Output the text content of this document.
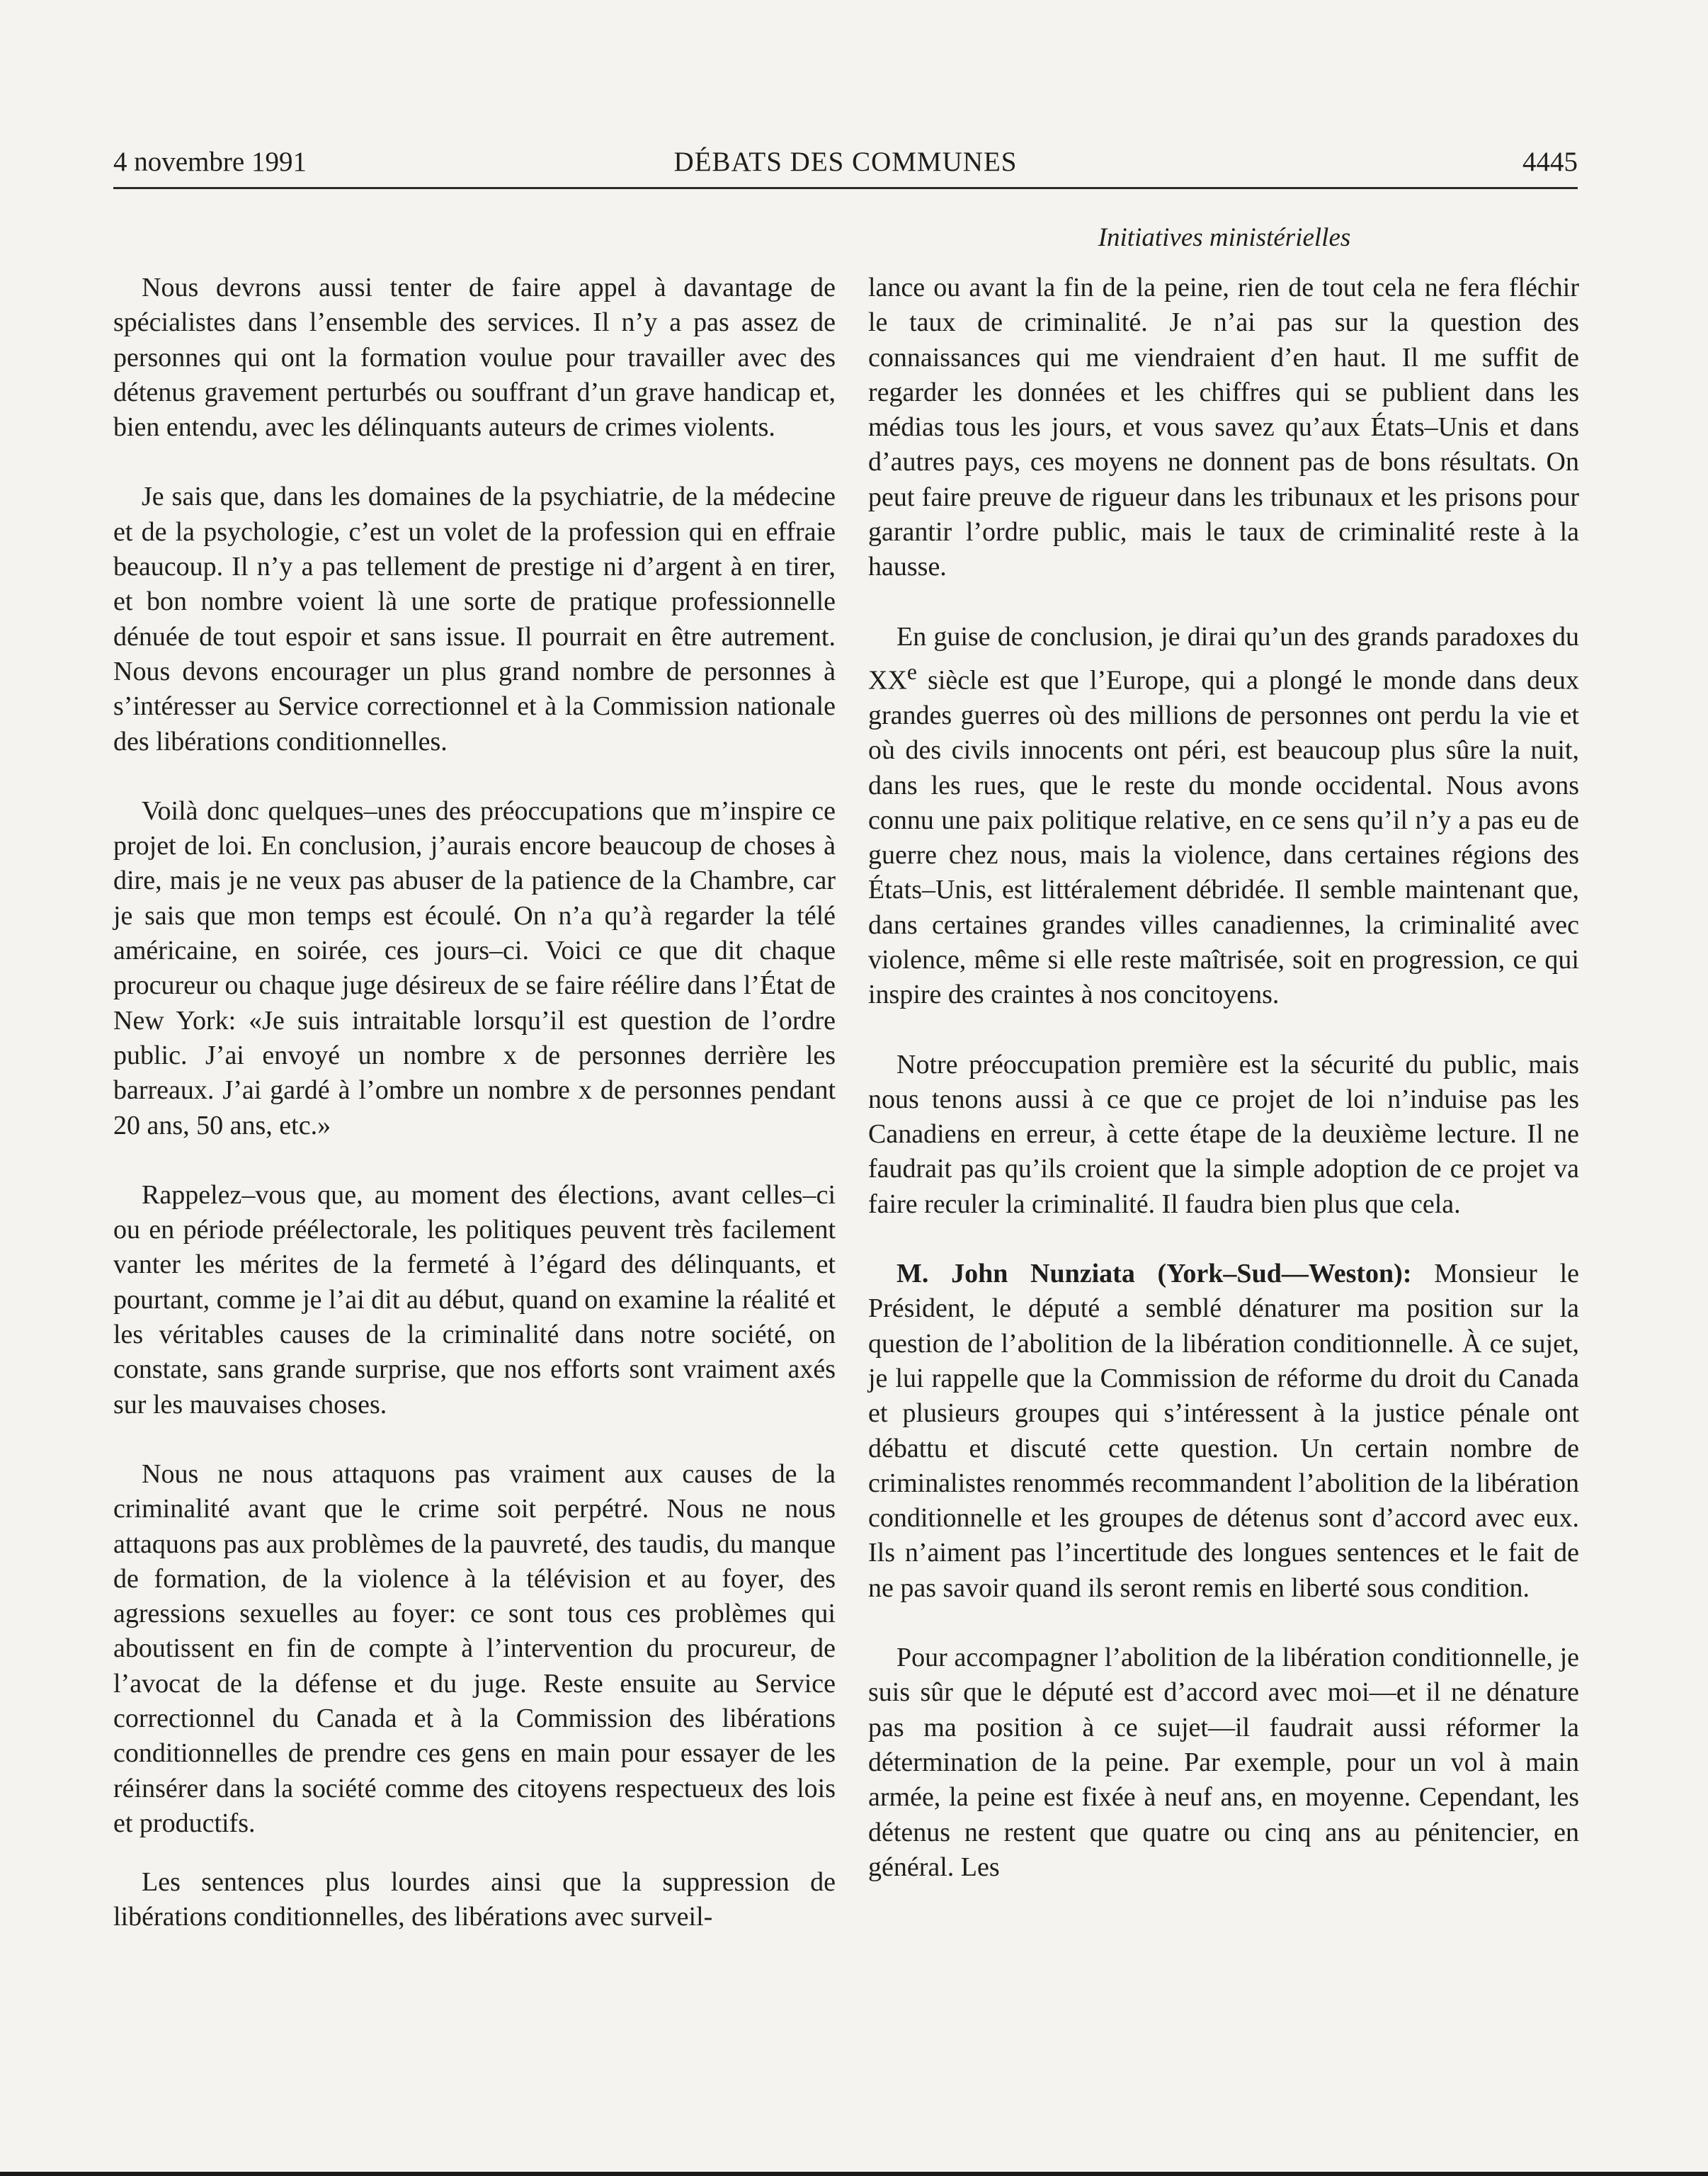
4 novembre 1991	DÉBATS DES COMMUNES	4445
Initiatives ministérielles

Nous devrons aussi tenter de faire appel à davantage de spécialistes dans l’ensemble des services. Il n’y a pas assez de personnes qui ont la formation voulue pour travailler avec des détenus gravement perturbés ou souffrant d’un grave handicap et, bien entendu, avec les délinquants auteurs de crimes violents.

Je sais que, dans les domaines de la psychiatrie, de la médecine et de la psychologie, c’est un volet de la profession qui en effraie beaucoup. Il n’y a pas tellement de prestige ni d’argent à en tirer, et bon nombre voient là une sorte de pratique professionnelle dénuée de tout espoir et sans issue. Il pourrait en être autrement. Nous devons encourager un plus grand nombre de personnes à s’intéresser au Service correctionnel et à la Commission nationale des libérations conditionnelles.

Voilà donc quelques–unes des préoccupations que m’inspire ce projet de loi. En conclusion, j’aurais encore beaucoup de choses à dire, mais je ne veux pas abuser de la patience de la Chambre, car je sais que mon temps est écoulé. On n’a qu’à regarder la télé américaine, en soirée, ces jours–ci. Voici ce que dit chaque procureur ou chaque juge désireux de se faire réélire dans l’État de New York: «Je suis intraitable lorsqu’il est question de l’ordre public. J’ai envoyé un nombre x de personnes derrière les barreaux. J’ai gardé à l’ombre un nombre x de personnes pendant 20 ans, 50 ans, etc.»

Rappelez–vous que, au moment des élections, avant celles–ci ou en période préélectorale, les politiques peuvent très facilement vanter les mérites de la fermeté à l’égard des délinquants, et pourtant, comme je l’ai dit au début, quand on examine la réalité et les véritables causes de la criminalité dans notre société, on constate, sans grande surprise, que nos efforts sont vraiment axés sur les mauvaises choses.

Nous ne nous attaquons pas vraiment aux causes de la criminalité avant que le crime soit perpétré. Nous ne nous attaquons pas aux problèmes de la pauvreté, des taudis, du manque de formation, de la violence à la télévision et au foyer, des agressions sexuelles au foyer: ce sont tous ces problèmes qui aboutissent en fin de compte à l’intervention du procureur, de l’avocat de la défense et du juge. Reste ensuite au Service correctionnel du Canada et à la Commission des libérations conditionnelles de prendre ces gens en main pour essayer de les réinsérer dans la société comme des citoyens respectueux des lois et productifs.

Les sentences plus lourdes ainsi que la suppression de libérations conditionnelles, des libérations avec surveil-

lance ou avant la fin de la peine, rien de tout cela ne fera fléchir le taux de criminalité. Je n’ai pas sur la question des connaissances qui me viendraient d’en haut. Il me suffit de regarder les données et les chiffres qui se publient dans les médias tous les jours, et vous savez qu’aux États–Unis et dans d’autres pays, ces moyens ne donnent pas de bons résultats. On peut faire preuve de rigueur dans les tribunaux et les prisons pour garantir l’ordre public, mais le taux de criminalité reste à la hausse.

En guise de conclusion, je dirai qu’un des grands paradoxes du XXe siècle est que l’Europe, qui a plongé le monde dans deux grandes guerres où des millions de personnes ont perdu la vie et où des civils innocents ont péri, est beaucoup plus sûre la nuit, dans les rues, que le reste du monde occidental. Nous avons connu une paix politique relative, en ce sens qu’il n’y a pas eu de guerre chez nous, mais la violence, dans certaines régions des États–Unis, est littéralement débridée. Il semble maintenant que, dans certaines grandes villes canadiennes, la criminalité avec violence, même si elle reste maîtrisée, soit en progression, ce qui inspire des craintes à nos concitoyens.

Notre préoccupation première est la sécurité du public, mais nous tenons aussi à ce que ce projet de loi n’induise pas les Canadiens en erreur, à cette étape de la deuxième lecture. Il ne faudrait pas qu’ils croient que la simple adoption de ce projet va faire reculer la criminalité. Il faudra bien plus que cela.

M. John Nunziata (York–Sud—Weston): Monsieur le Président, le député a semblé dénaturer ma position sur la question de l’abolition de la libération conditionnelle. À ce sujet, je lui rappelle que la Commission de réforme du droit du Canada et plusieurs groupes qui s’intéressent à la justice pénale ont débattu et discuté cette question. Un certain nombre de criminalistes renommés recommandent l’abolition de la libération conditionnelle et les groupes de détenus sont d’accord avec eux. Ils n’aiment pas l’incertitude des longues sentences et le fait de ne pas savoir quand ils seront remis en liberté sous condition.

Pour accompagner l’abolition de la libération conditionnelle, je suis sûr que le député est d’accord avec moi—et il ne dénature pas ma position à ce sujet—il faudrait aussi réformer la détermination de la peine. Par exemple, pour un vol à main armée, la peine est fixée à neuf ans, en moyenne. Cependant, les détenus ne restent que quatre ou cinq ans au pénitencier, en général. Les
